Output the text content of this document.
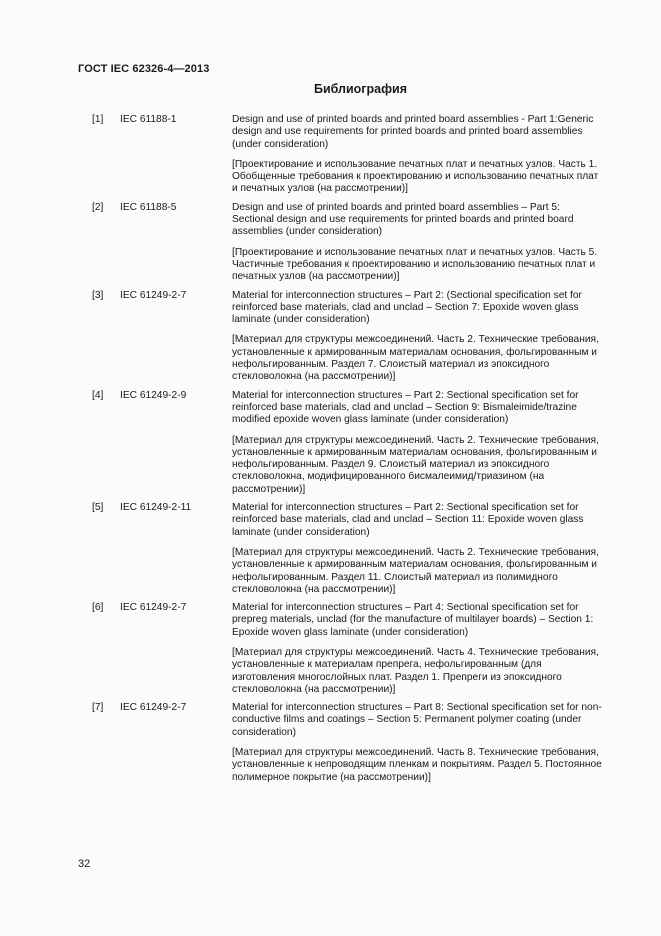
ГОСТ IEC 62326-4—2013
Библиография
[1] IEC 61188-1	Design and use of printed boards and printed board assemblies - Part 1:Generic design and use requirements for printed boards and printed board assemblies (under consideration)

[Проектирование и использование печатных плат и печатных узлов. Часть 1. Обобщенные требования к проектированию и использованию печатных плат и печатных узлов (на рассмотрении)]

[2] IEC 61188-5	Design and use of printed boards and printed board assemblies – Part 5: Sectional design and use requirements for printed boards and printed board assemblies (under consideration)

[Проектирование и использование печатных плат и печатных узлов. Часть 5. Частичные требования к проектированию и использованию печатных плат и печатных узлов (на рассмотрении)]

[3] IEC 61249-2-7	Material for interconnection structures – Part 2: (Sectional specification set for reinforced base materials, clad and unclad – Section 7: Epoxide woven glass laminate (under consideration)

[Материал для структуры межсоединений. Часть 2. Технические требования, установленные к армированным материалам основания, фольгированным и нефольгированным. Раздел 7. Слоистый материал из эпоксидного стекловолокна (на рассмотрении)]

[4] IEC 61249-2-9	Material for interconnection structures – Part 2: Sectional specification set for reinforced base materials, clad and unclad – Section 9: Bismaleimide/trazine modified epoxide woven glass laminate (under consideration)

[Материал для структуры межсоединений. Часть 2. Технические требования, установленные к армированным материалам основания, фольгированным и нефольгированным. Раздел 9. Слоистый материал из эпоксидного стекловолокна, модифицированного бисмалеимид/триазином (на рассмотрении)]

[5] IEC 61249-2-11	Material for interconnection structures – Part 2: Sectional specification set for reinforced base materials, clad and unclad – Section 11: Epoxide woven glass laminate (under consideration)

[Материал для структуры межсоединений. Часть 2. Технические требования, установленные к армированным материалам основания, фольгированным и нефольгированным. Раздел 11. Слоистый материал из полимидного стекловолокна (на рассмотрении)]

[6] IEC 61249-2-7	Material for interconnection structures – Part 4: Sectional specification set for prepreg materials, unclad (for the manufacture of multilayer boards) – Section 1: Epoxide woven glass laminate (under consideration)

[Материал для структуры межсоединений. Часть 4. Технические требования, установленные к материалам препрега, нефольгированным (для изготовления многослойных плат. Раздел 1. Препреги из эпоксидного стекловолокна (на рассмотрении)]

[7] IEC 61249-2-7	Material for interconnection structures – Part 8: Sectional specification set for non-conductive films and coatings – Section 5: Permanent polymer coating (under consideration)

[Материал для структуры межсоединений. Часть 8. Технические требования, установленные к непроводящим пленкам и покрытиям. Раздел 5. Постоянное полимерное покрытие (на рассмотрении)]

32
